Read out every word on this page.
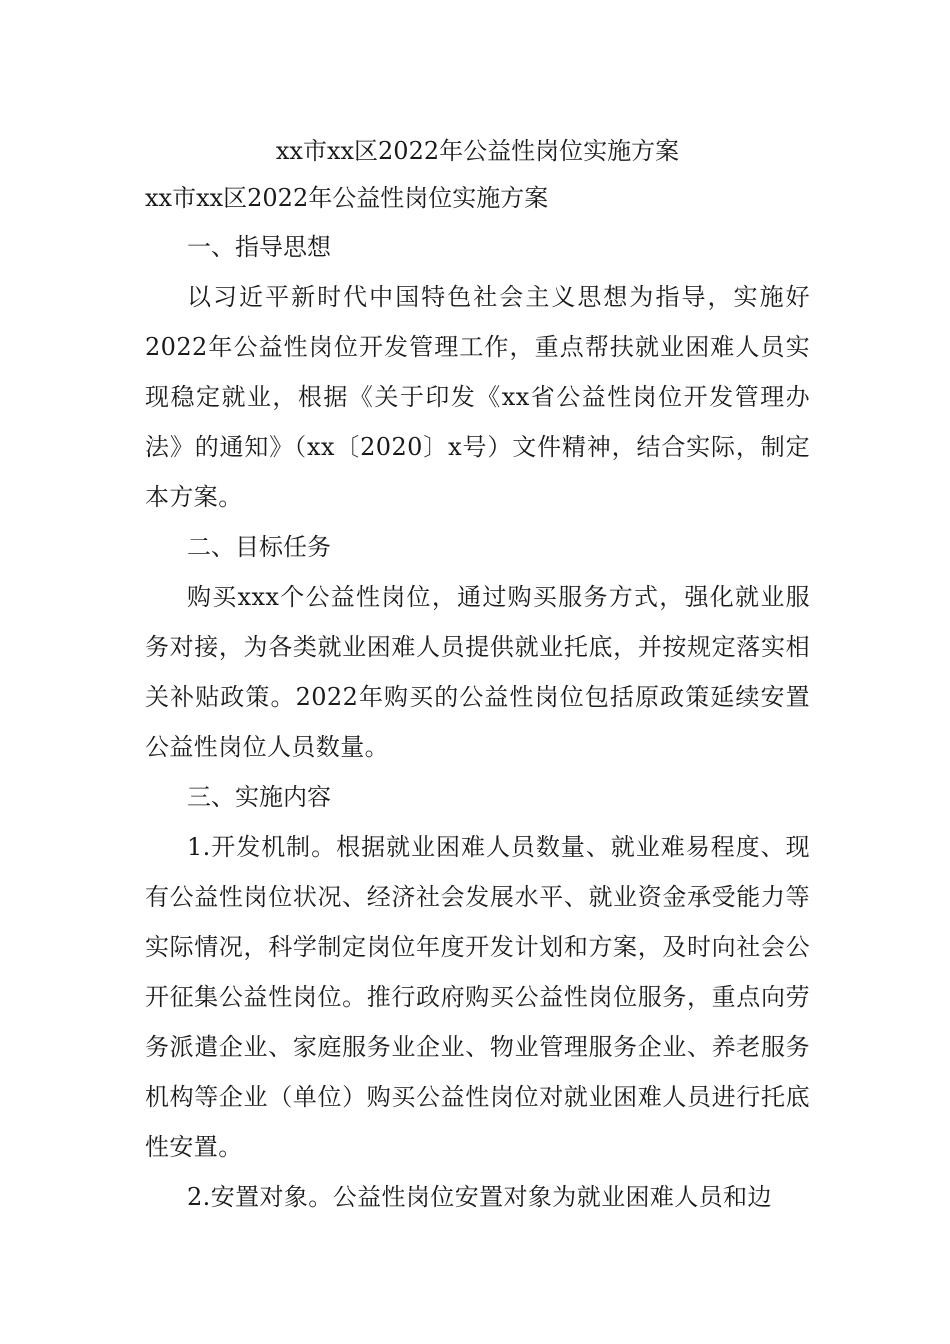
xx市xx区2022年公益性岗位实施方案

xx市xx区2022年公益性岗位实施方案

一、指导思想

以习近平新时代中国特色社会主义思想为指导，实施好2022年公益性岗位开发管理工作，重点帮扶就业困难人员实现稳定就业，根据《关于印发《xx省公益性岗位开发管理办法》的通知》（xx〔2020〕x号）文件精神，结合实际，制定本方案。

二、目标任务

购买xxx个公益性岗位，通过购买服务方式，强化就业服务对接，为各类就业困难人员提供就业托底，并按规定落实相关补贴政策。2022年购买的公益性岗位包括原政策延续安置公益性岗位人员数量。

三、实施内容

1.开发机制。根据就业困难人员数量、就业难易程度、现有公益性岗位状况、经济社会发展水平、就业资金承受能力等实际情况，科学制定岗位年度开发计划和方案，及时向社会公开征集公益性岗位。推行政府购买公益性岗位服务，重点向劳务派遣企业、家庭服务业企业、物业管理服务企业、养老服务机构等企业（单位）购买公益性岗位对就业困难人员进行托底性安置。

2.安置对象。公益性岗位安置对象为就业困难人员和边
